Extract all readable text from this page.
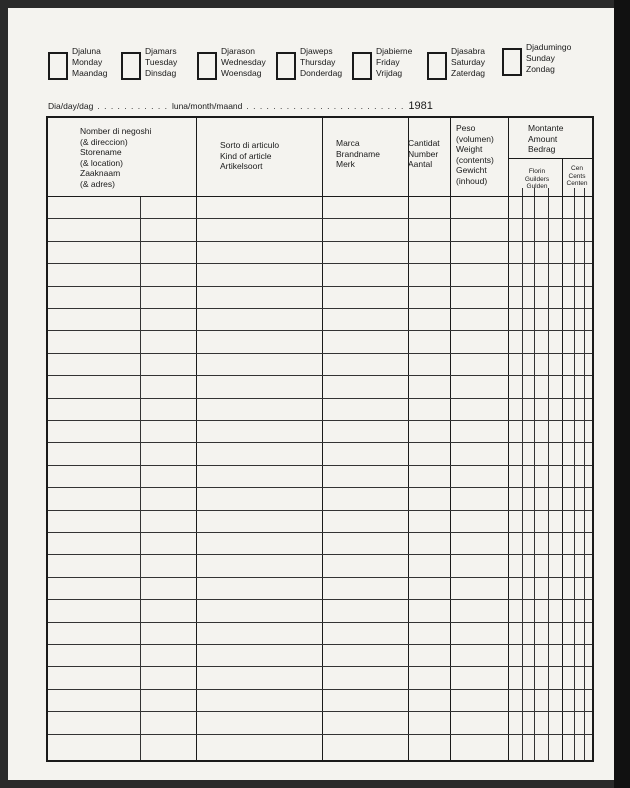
Djaluna
Monday
Maandag
Djamars
Tuesday
Dinsdag
Djarason
Wednesday
Woensdag
Djaweps
Thursday
Donderdag
Djabierne
Friday
Vrijdag
Djasabra
Saturday
Zaterdag
Djadumingo
Sunday
Zondag
Dia/day/dag . . . . . . . . . . . luna/month/maand . . . . . . . . . . . . . . . . . . . . . . . . 1981
Nomber di negoshi
(& direccion)
Storename
(& location)
Zaaknaam
(& adres)
Sorto di articulo
Kind of article
Artikelsoort
Marca
Brandname
Merk
Cantidat
Number
Aantal
Peso
(volumen)
Weight
(contents)
Gewicht
(inhoud)
Montante
Amount
Bedrag
Florin
Guilders
Gulden
Cen
Cents
Centen
